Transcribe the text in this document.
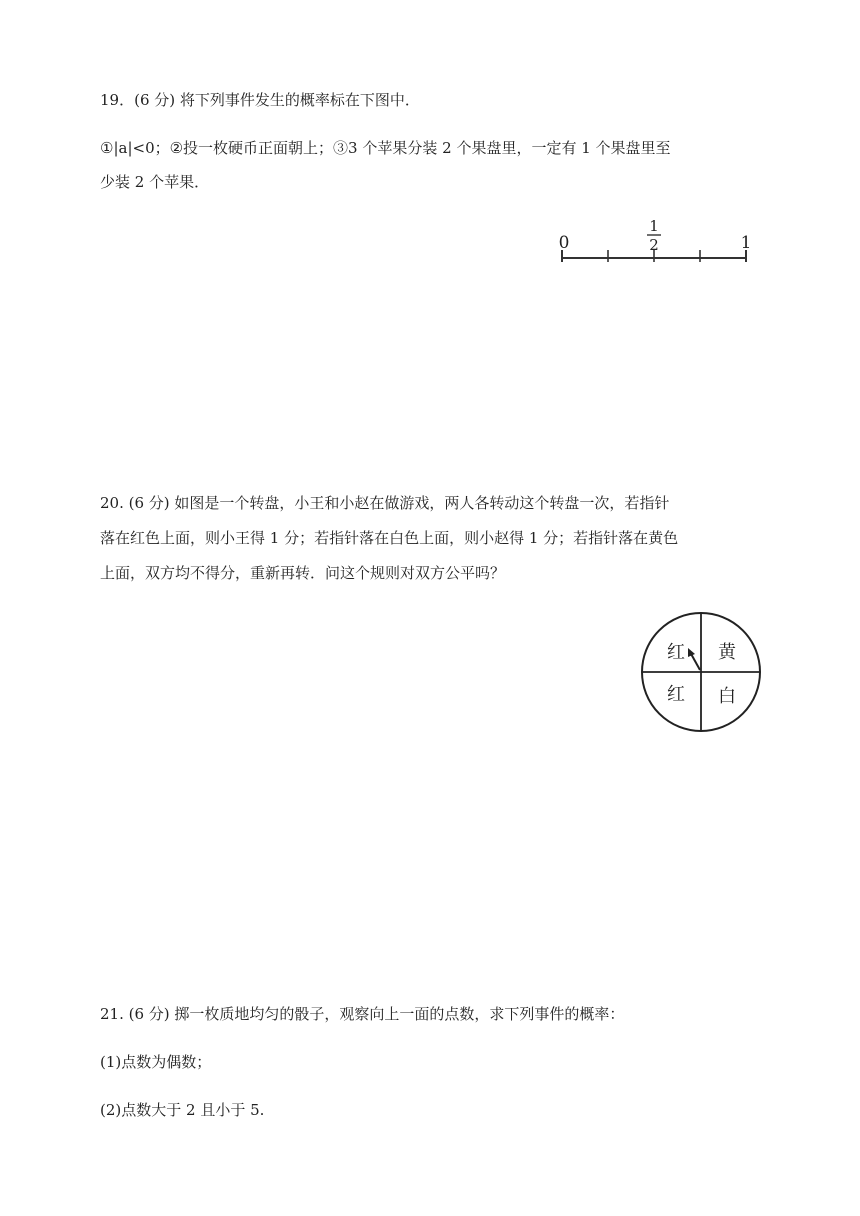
19．(6 分) 将下列事件发生的概率标在下图中．
①|a|<0；②投一枚硬币正面朝上；③3 个苹果分装 2 个果盘里，一定有 1 个果盘里至
少装 2 个苹果．
0
1
2	1
20. (6 分) 如图是一个转盘，小王和小赵在做游戏，两人各转动这个转盘一次，若指针
落在红色上面，则小王得 1 分；若指针落在白色上面，则小赵得 1 分；若指针落在黄色
上面，双方均不得分，重新再转．问这个规则对双方公平吗？
红 黄
红 白
21. (6 分) 掷一枚质地均匀的骰子，观察向上一面的点数，求下列事件的概率：
(1)点数为偶数；
(2)点数大于 2 且小于 5.
